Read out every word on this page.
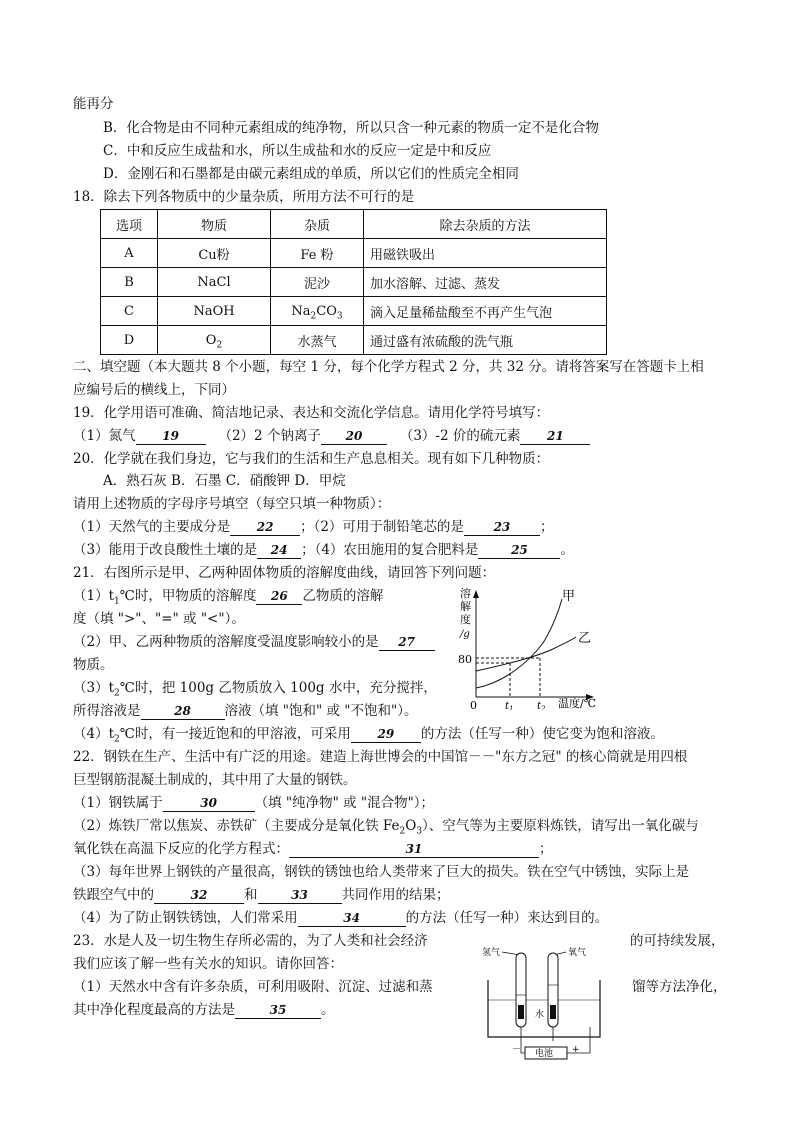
能再分
B．化合物是由不同种元素组成的纯净物，所以只含一种元素的物质一定不是化合物
C．中和反应生成盐和水，所以生成盐和水的反应一定是中和反应
D．金刚石和石墨都是由碳元素组成的单质，所以它们的性质完全相同
18．除去下列各物质中的少量杂质，所用方法不可行的是
选项	物质	杂质	除去杂质的方法
A	Cu粉	Fe 粉	用磁铁吸出
B	NaCl	泥沙	加水溶解、过滤、蒸发
C	NaOH	$Na_2CO_3$	滴入足量稀盐酸至不再产生气泡
D	$O_2$	水蒸气	通过盛有浓硫酸的洗气瓶
二、填空题（本大题共 8 个小题，每空 1 分，每个化学方程式 2 分，共 32 分。请将答案写在答题卡上相
应编号后的横线上，下同）
19．化学用语可准确、简洁地记录、表达和交流化学信息。请用化学符号填写：
（1）氮气 19	（2）2 个钠离子 20	（3）-2 价的硫元素 21
20．化学就在我们身边，它与我们的生活和生产息息相关。现有如下几种物质：
A．熟石灰 B．石墨 C．硝酸钾 D．甲烷
请用上述物质的字母序号填空（每空只填一种物质）：
（1）天然气的主要成分是 22 ；（2）可用于制铅笔芯的是 23 ；
（3）能用于改良酸性土壤的是 24 ；（4）农田施用的复合肥料是	25 。
21．右图所示是甲、乙两种固体物质的溶解度曲线，请回答下列问题：
$(1)t_1℃$时，甲物质的溶解度 26 乙物质的溶解
度（填 ">"、"=" 或 "<"）。
（2）甲、乙两种物质的溶解度受温度影响较小的是 27
物质。
$(3)t_2℃$时，把 100g 乙物质放入 100g 水中，充分搅拌，
所得溶液是	28 溶液（填 "饱和" 或 "不饱和"）。
$(4)t_2℃$时，有一接近饱和的甲溶液，可采用 29 的方法（任写一种）使它变为饱和溶液。
溶
解
度
/g
80
0	$t_1$ $t_2$ 温度/℃
甲
乙
22．钢铁在生产、生活中有广泛的用途。建造上海世博会的中国馆－－"东方之冠" 的核心筒就是用四根
巨型钢筋混凝土制成的，其中用了大量的钢铁。
（1）钢铁属于	30	（填 "纯净物" 或 "混合物"）；
（2）炼铁厂常以焦炭、赤铁矿（主要成分是氧化铁 $Fe_2O_3$）、空气等为主要原料炼铁，请写出一氧化碳与
氧化铁在高温下反应的化学方程式：	31	；
（3）每年世界上钢铁的产量很高，钢铁的锈蚀也给人类带来了巨大的损失。铁在空气中锈蚀，实际上是
铁跟空气中的	32	和	33 共同作用的结果；
（4）为了防止钢铁锈蚀，人们常采用	34	的方法（任写一种）来达到目的。
23．水是人及一切生物生存所必需的，为了人类和社会经济	的可持续发展，
我们应该了解一些有关水的知识。请你回答：
（1）天然水中含有许多杂质，可利用吸附、沉淀、过滤和蒸	馏等方法净化，
其中净化程度最高的方法是	35	。
氢气	氧气
水
电池
－	+
